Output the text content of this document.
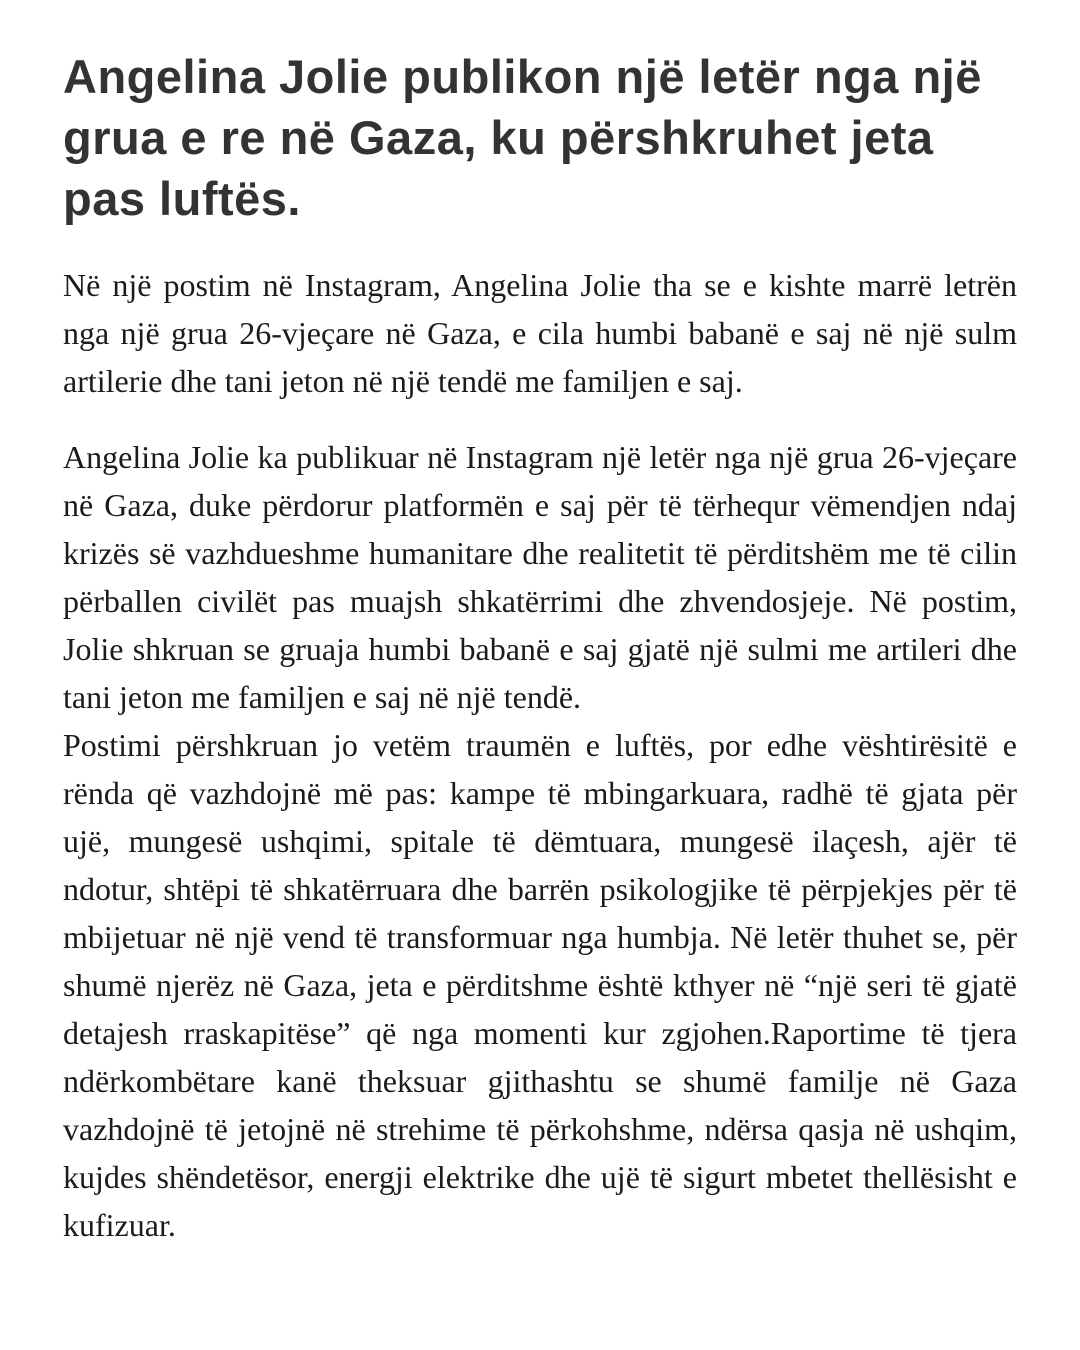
Angelina Jolie publikon një letër nga një grua e re në Gaza, ku përshkruhet jeta pas luftës.

Në një postim në Instagram, Angelina Jolie tha se e kishte marrë letrën nga një grua 26-vjeçare në Gaza, e cila humbi babanë e saj në një sulm artilerie dhe tani jeton në një tendë me familjen e saj.

Angelina Jolie ka publikuar në Instagram një letër nga një grua 26-vjeçare në Gaza, duke përdorur platformën e saj për të tërhequr vëmendjen ndaj krizës së vazhdueshme humanitare dhe realitetit të përditshëm me të cilin përballen civilët pas muajsh shkatërrimi dhe zhvendosjeje. Në postim, Jolie shkruan se gruaja humbi babanë e saj gjatë një sulmi me artileri dhe tani jeton me familjen e saj në një tendë.

Postimi përshkruan jo vetëm traumën e luftës, por edhe vështirësitë e rënda që vazhdojnë më pas: kampe të mbingarkuara, radhë të gjata për ujë, mungesë ushqimi, spitale të dëmtuara, mungesë ilaçesh, ajër të ndotur, shtëpi të shkatërruara dhe barrën psikologjike të përpjekjes për të mbijetuar në një vend të transformuar nga humbja. Në letër thuhet se, për shumë njerëz në Gaza, jeta e përditshme është kthyer në “një seri të gjatë detajesh rraskapitëse” që nga momenti kur zgjohen.Raportime të tjera ndërkombëtare kanë theksuar gjithashtu se shumë familje në Gaza vazhdojnë të jetojnë në strehime të përkohshme, ndërsa qasja në ushqim, kujdes shëndetësor, energji elektrike dhe ujë të sigurt mbetet thellësisht e kufizuar.
